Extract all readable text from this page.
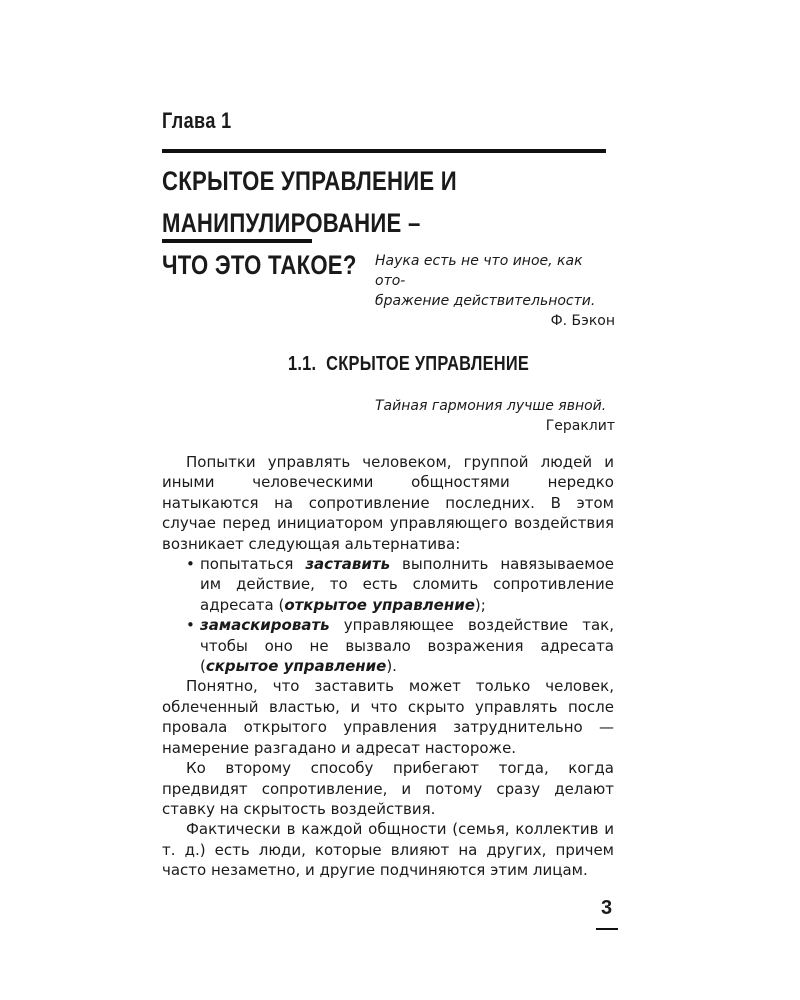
Глава 1
СКРЫТОЕ УПРАВЛЕНИЕ И МАНИПУЛИРОВАНИЕ –
ЧТО ЭТО ТАКОЕ?	Наука есть не что иное, как ото-
бражение действительности.
Ф. Бэкон
1.1. СКРЫТОЕ УПРАВЛЕНИЕ
Тайная гармония лучше явной.
Гераклит

Попытки управлять человеком, группой людей и иными человеческими общностями нередко натыкаются на сопротивление последних. В этом случае перед инициатором управляющего воздействия возникает следующая альтернатива:

• попытаться заставить выполнить навязываемое им действие, то есть сломить сопротивление адресата (открытое управление);
• замаскировать управляющее воздействие так, чтобы оно не вызвало возражения адресата (скрытое управление).

Понятно, что заставить может только человек, облеченный властью, и что скрыто управлять после провала открытого управления затруднительно — намерение разгадано и адресат настороже.

Ко второму способу прибегают тогда, когда предвидят сопротивление, и потому сразу делают ставку на скрытость воздействия.

Фактически в каждой общности (семья, коллектив и т. д.) есть люди, которые влияют на других, причем часто незаметно, и другие подчиняются этим лицам.

3
